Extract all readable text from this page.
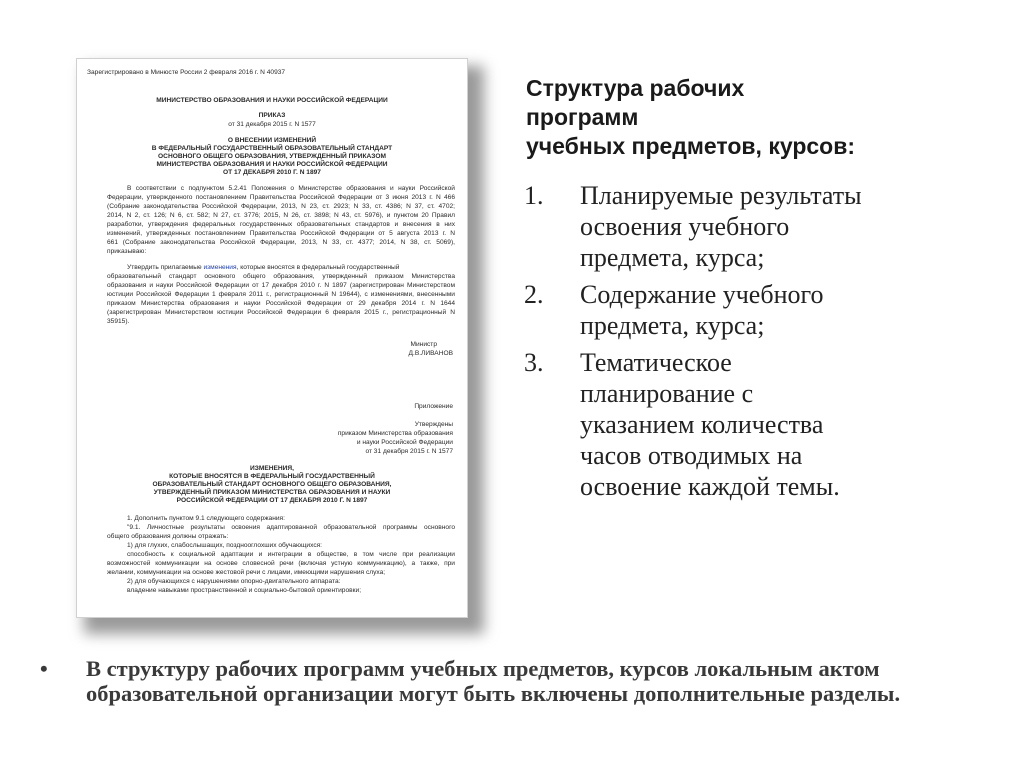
Зарегистрировано в Минюсте России 2 февраля 2016 г. N 40937
МИНИСТЕРСТВО ОБРАЗОВАНИЯ И НАУКИ РОССИЙСКОЙ ФЕДЕРАЦИИ
ПРИКАЗ
от 31 декабря 2015 г. N 1577
О ВНЕСЕНИИ ИЗМЕНЕНИЙ
В ФЕДЕРАЛЬНЫЙ ГОСУДАРСТВЕННЫЙ ОБРАЗОВАТЕЛЬНЫЙ СТАНДАРТ
ОСНОВНОГО ОБЩЕГО ОБРАЗОВАНИЯ, УТВЕРЖДЕННЫЙ ПРИКАЗОМ
МИНИСТЕРСТВА ОБРАЗОВАНИЯ И НАУКИ РОССИЙСКОЙ ФЕДЕРАЦИИ
ОТ 17 ДЕКАБРЯ 2010 Г. N 1897
В соответствии с подпунктом 5.2.41 Положения о Министерстве образования и науки Российской
Федерации, утвержденного постановлением Правительства Российской Федерации от 3 июня 2013 г. N 466
(Собрание законодательства Российской Федерации, 2013, N 23, ст. 2923; N 33, ст. 4386; N 37, ст. 4702;
2014, N 2, ст. 126; N 6, ст. 582; N 27, ст. 3776; 2015, N 26, ст. 3898; N 43, ст. 5976), и пунктом 20 Правил
разработки, утверждения федеральных государственных образовательных стандартов и внесения в них
изменений, утвержденных постановлением Правительства Российской Федерации от 5 августа 2013 г. N
661 (Собрание законодательства Российской Федерации, 2013, N 33, ст. 4377; 2014, N 38, ст. 5069),
приказываю:
Утвердить прилагаемые изменения, которые вносятся в федеральный государственный
образовательный стандарт основного общего образования, утвержденный приказом Министерства
образования и науки Российской Федерации от 17 декабря 2010 г. N 1897 (зарегистрирован Министерством
юстиции Российской Федерации 1 февраля 2011 г., регистрационный N 19644), с изменениями, внесенными
приказом Министерства образования и науки Российской Федерации от 29 декабря 2014 г. N 1644
(зарегистрирован Министерством юстиции Российской Федерации 6 февраля 2015 г., регистрационный N
35915).
Министр
Д.В.ЛИВАНОВ
Приложение
Утверждены
приказом Министерства образования
и науки Российской Федерации
от 31 декабря 2015 г. N 1577
ИЗМЕНЕНИЯ,
КОТОРЫЕ ВНОСЯТСЯ В ФЕДЕРАЛЬНЫЙ ГОСУДАРСТВЕННЫЙ
ОБРАЗОВАТЕЛЬНЫЙ СТАНДАРТ ОСНОВНОГО ОБЩЕГО ОБРАЗОВАНИЯ,
УТВЕРЖДЕННЫЙ ПРИКАЗОМ МИНИСТЕРСТВА ОБРАЗОВАНИЯ И НАУКИ
РОССИЙСКОЙ ФЕДЕРАЦИИ ОТ 17 ДЕКАБРЯ 2010 Г. N 1897
1. Дополнить пунктом 9.1 следующего содержания:
"9.1. Личностные результаты освоения адаптированной образовательной программы основного
общего образования должны отражать:
1) для глухих, слабослышащих, позднооглохших обучающихся:
способность к социальной адаптации и интеграции в обществе, в том числе при реализации
возможностей коммуникации на основе словесной речи (включая устную коммуникацию), а также, при
желании, коммуникации на основе жестовой речи с лицами, имеющими нарушения слуха;
2) для обучающихся с нарушениями опорно-двигательного аппарата:
владение навыками пространственной и социально-бытовой ориентировки;
Структура рабочих
программ
учебных предметов, курсов:
1. Планируемые результаты
освоения учебного
предмета, курса;
2. Содержание учебного
предмета, курса;
3. Тематическое
планирование с
указанием количества
часов отводимых на
освоение каждой темы.
• В структуру рабочих программ учебных предметов, курсов локальным актом
образовательной организации могут быть включены дополнительные разделы.
